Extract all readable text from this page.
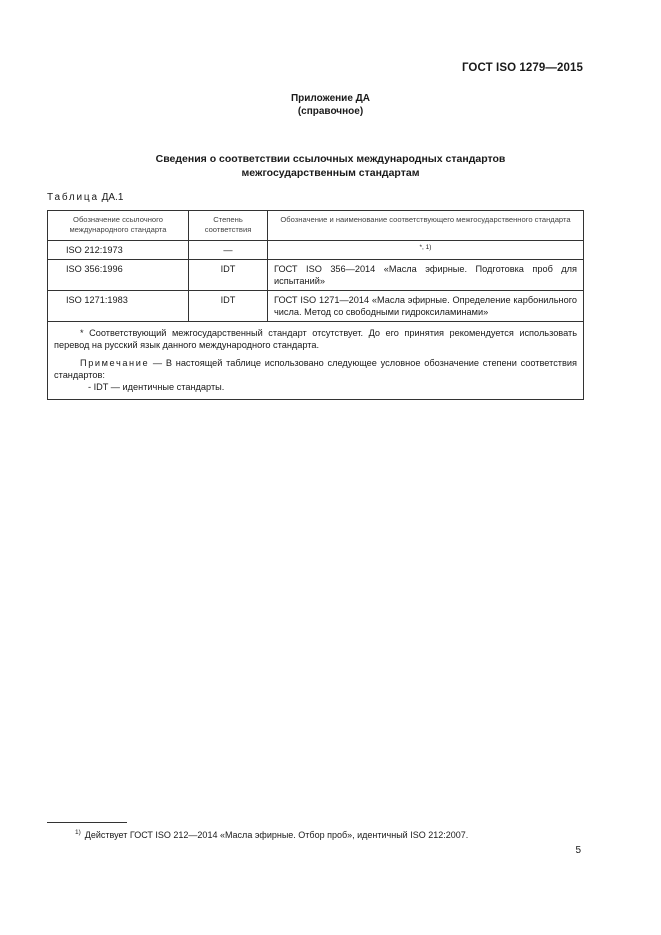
ГОСТ ISO 1279—2015
Приложение ДА
(справочное)
Сведения о соответствии ссылочных международных стандартов
межгосударственным стандартам
Таблица ДА.1
Обозначение ссылочного международного стандарта	Степень соответствия	Обозначение и наименование соответствующего межгосударственного стандарта
ISO 212:1973	—	*, 1)
ISO 356:1996	IDT	ГОСТ ISO 356—2014 «Масла эфирные. Подготовка проб для испытаний»
ISO 1271:1983	IDT	ГОСТ ISO 1271—2014 «Масла эфирные. Определение карбонильного числа. Метод со свободными гидроксиламинами»

* Соответствующий межгосударственный стандарт отсутствует. До его принятия рекомендуется использовать перевод на русский язык данного международного стандарта.

Примечание — В настоящей таблице использовано следующее условное обозначение степени соответствия стандартов:

- IDT — идентичные стандарты.		

$^{1)}$ Действует ГОСТ ISO 212—2014 «Масла эфирные. Отбор проб», идентичный ISO 212:2007.
5
